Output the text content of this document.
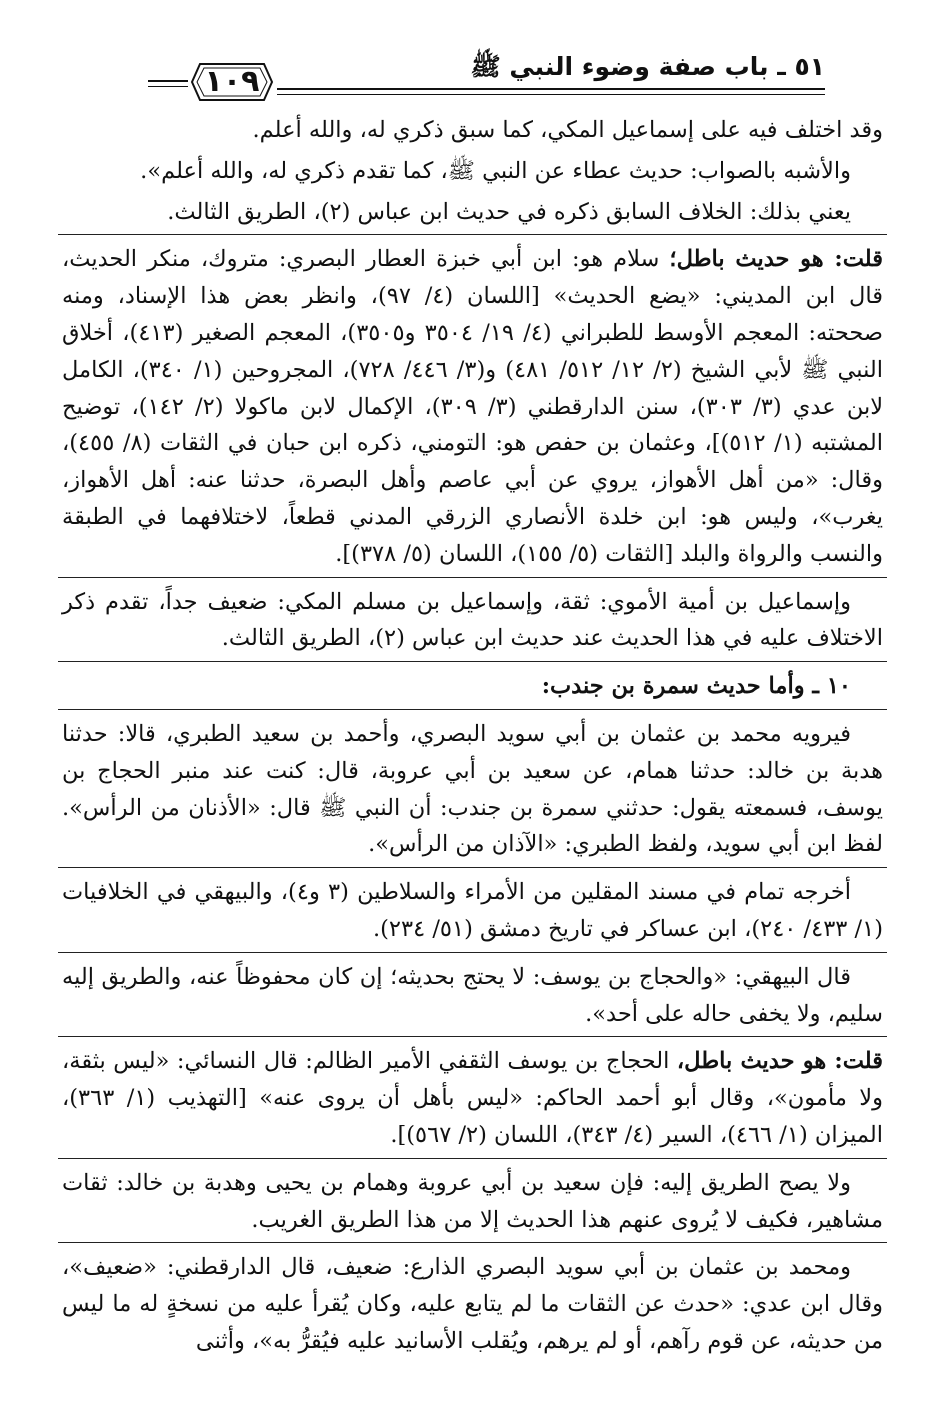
٥١ ـ باب صفة وضوء النبي ﷺ
١٠٩

وقد اختلف فيه على إسماعيل المكي، كما سبق ذكري له، والله أعلم.

والأشبه بالصواب: حديث عطاء عن النبي ﷺ، كما تقدم ذكري له، والله أعلم».

يعني بذلك: الخلاف السابق ذكره في حديث ابن عباس (٢)، الطريق الثالث.

قلت: هو حديث باطل؛ سلام هو: ابن أبي خبزة العطار البصري: متروك، منكر الحديث، قال ابن المديني: «يضع الحديث» [اللسان (٤/ ٩٧)، وانظر بعض هذا الإسناد، ومنه صححته: المعجم الأوسط للطبراني (٤/ ١٩/ ٣٥٠٤ و٣٥٠٥)، المعجم الصغير (٤١٣)، أخلاق النبي ﷺ لأبي الشيخ (٢/ ١٢/ ٥١٢/ ٤٨١) و(٣/ ٤٤٦/ ٧٢٨)، المجروحين (١/ ٣٤٠)، الكامل لابن عدي (٣/ ٣٠٣)، سنن الدارقطني (٣/ ٣٠٩)، الإكمال لابن ماكولا (٢/ ١٤٢)، توضيح المشتبه (١/ ٥١٢)]، وعثمان بن حفص هو: التومني، ذكره ابن حبان في الثقات (٨/ ٤٥٥)، وقال: «من أهل الأهواز، يروي عن أبي عاصم وأهل البصرة، حدثنا عنه: أهل الأهواز، يغرب»، وليس هو: ابن خلدة الأنصاري الزرقي المدني قطعاً، لاختلافهما في الطبقة والنسب والرواة والبلد [الثقات (٥/ ١٥٥)، اللسان (٥/ ٣٧٨)].

وإسماعيل بن أمية الأموي: ثقة، وإسماعيل بن مسلم المكي: ضعيف جداً، تقدم ذكر الاختلاف عليه في هذا الحديث عند حديث ابن عباس (٢)، الطريق الثالث.

١٠ ـ وأما حديث سمرة بن جندب:

فيرويه محمد بن عثمان بن أبي سويد البصري، وأحمد بن سعيد الطبري، قالا: حدثنا هدبة بن خالد: حدثنا همام، عن سعيد بن أبي عروبة، قال: كنت عند منبر الحجاج بن يوسف، فسمعته يقول: حدثني سمرة بن جندب: أن النبي ﷺ قال: «الأذنان من الرأس». لفظ ابن أبي سويد، ولفظ الطبري: «الآذان من الرأس».

أخرجه تمام في مسند المقلين من الأمراء والسلاطين (٣ و٤)، والبيهقي في الخلافيات (١/ ٤٣٣/ ٢٤٠)، ابن عساكر في تاريخ دمشق (٥١/ ٢٣٤).

قال البيهقي: «والحجاج بن يوسف: لا يحتج بحديثه؛ إن كان محفوظاً عنه، والطريق إليه سليم، ولا يخفى حاله على أحد».

قلت: هو حديث باطل، الحجاج بن يوسف الثقفي الأمير الظالم: قال النسائي: «ليس بثقة، ولا مأمون»، وقال أبو أحمد الحاكم: «ليس بأهل أن يروى عنه» [التهذيب (١/ ٣٦٣)، الميزان (١/ ٤٦٦)، السير (٤/ ٣٤٣)، اللسان (٢/ ٥٦٧)].

ولا يصح الطريق إليه: فإن سعيد بن أبي عروبة وهمام بن يحيى وهدبة بن خالد: ثقات مشاهير، فكيف لا يُروى عنهم هذا الحديث إلا من هذا الطريق الغريب.

ومحمد بن عثمان بن أبي سويد البصري الذارع: ضعيف، قال الدارقطني: «ضعيف»، وقال ابن عدي: «حدث عن الثقات ما لم يتابع عليه، وكان يُقرأ عليه من نسخةٍ له ما ليس من حديثه، عن قوم رآهم، أو لم يرهم، ويُقلب الأسانيد عليه فيُقرُّ به»، وأثنى
